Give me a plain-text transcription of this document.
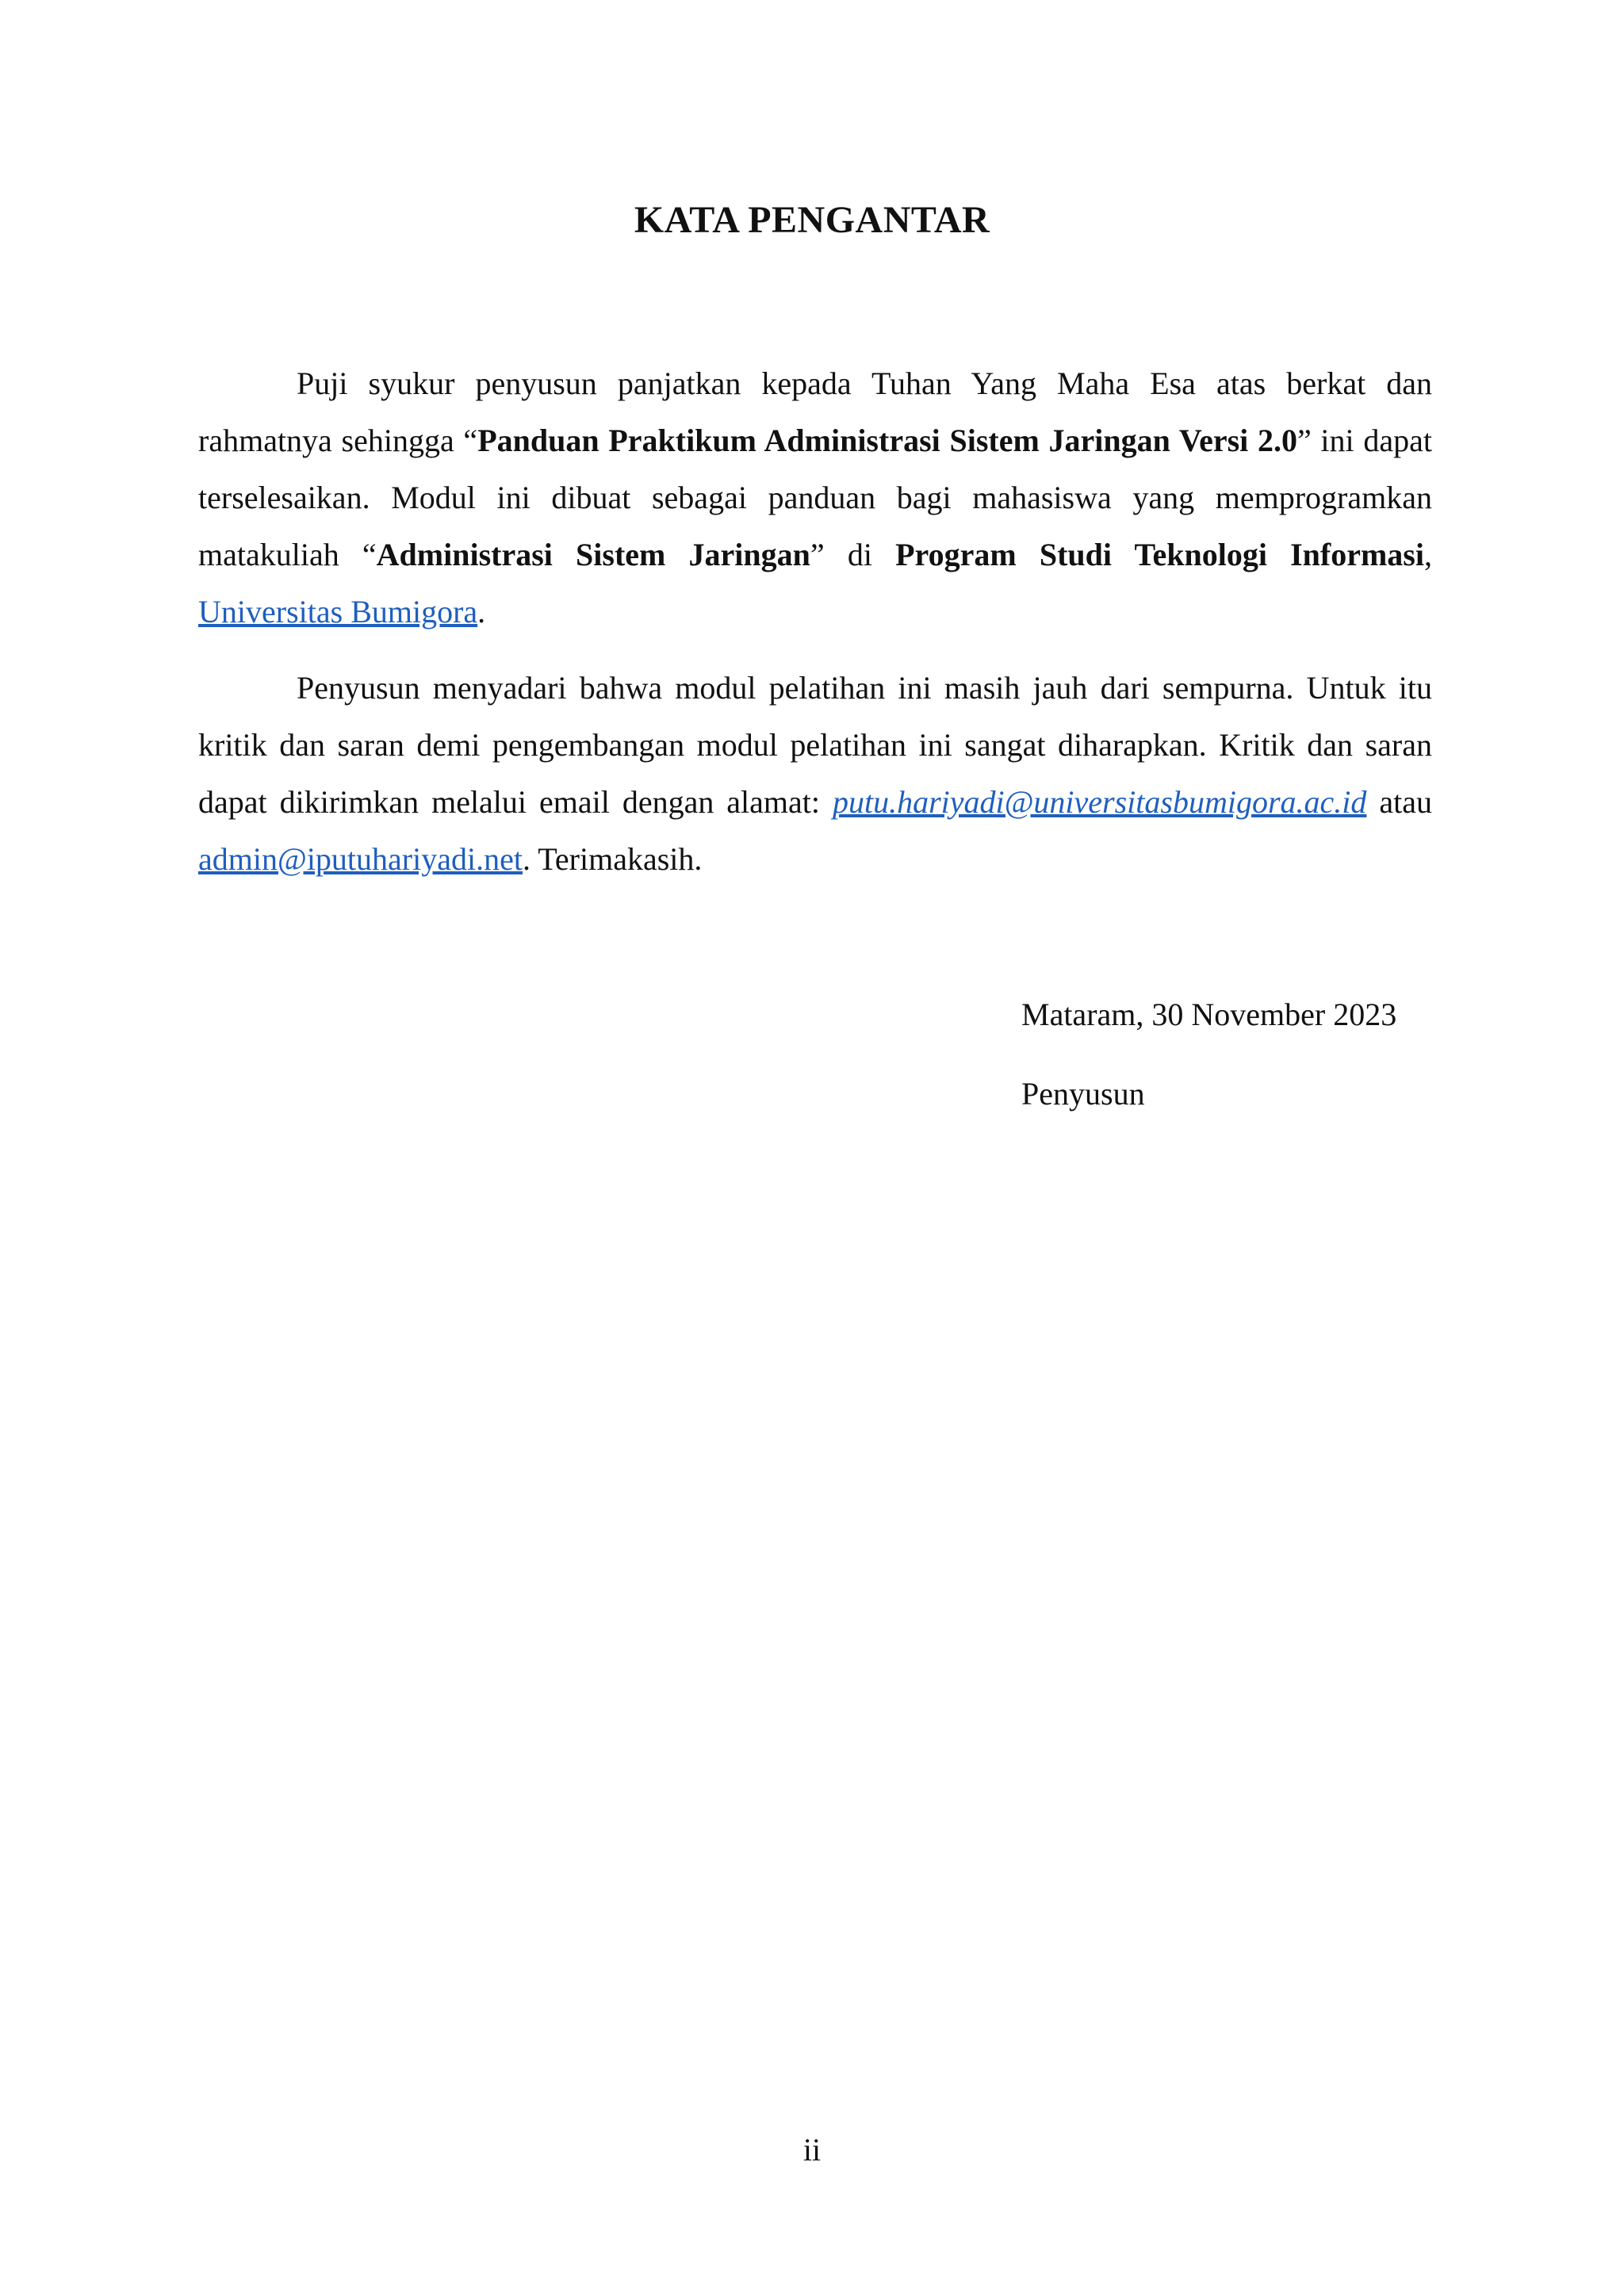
KATA PENGANTAR

Puji syukur penyusun panjatkan kepada Tuhan Yang Maha Esa atas berkat dan rahmatnya sehingga “Panduan Praktikum Administrasi Sistem Jaringan Versi 2.0” ini dapat terselesaikan. Modul ini dibuat sebagai panduan bagi mahasiswa yang memprogramkan matakuliah “Administrasi Sistem Jaringan” di Program Studi Teknologi Informasi, Universitas Bumigora.

Penyusun menyadari bahwa modul pelatihan ini masih jauh dari sempurna. Untuk itu kritik dan saran demi pengembangan modul pelatihan ini sangat diharapkan. Kritik dan saran dapat dikirimkan melalui email dengan alamat: putu.hariyadi@universitasbumigora.ac.id atau admin@iputuhariyadi.net. Terimakasih.

Mataram, 30 November 2023
Penyusun
ii
